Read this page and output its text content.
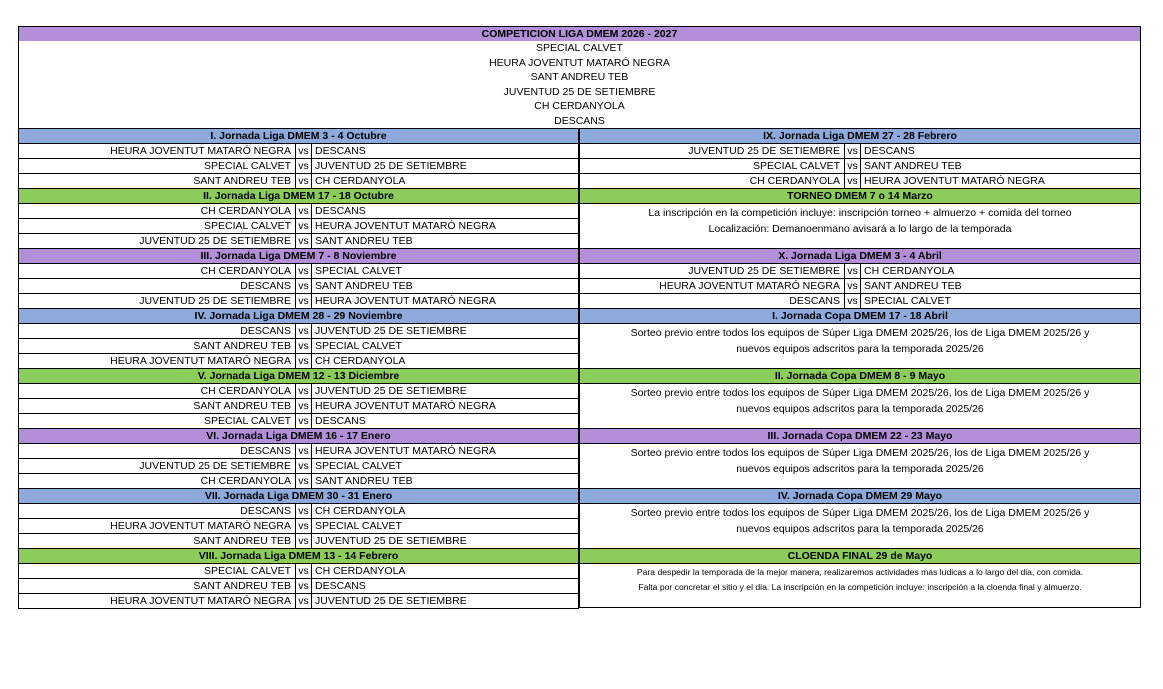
COMPETICION LIGA DMEM 2026 - 2027
SPECIAL CALVET
HEURA JOVENTUT MATARÓ NEGRA
SANT ANDREU TEB
JUVENTUD 25 DE SETIEMBRE
CH CERDANYOLA
DESCANS
I. Jornada Liga DMEM 3 - 4 Octubre
HEURA JOVENTUT MATARÓ NEGRA vs DESCANS
SPECIAL CALVET vs JUVENTUD 25 DE SETIEMBRE
SANT ANDREU TEB vs CH CERDANYOLA
II. Jornada Liga DMEM 17 - 18 Octubre
CH CERDANYOLA vs DESCANS
SPECIAL CALVET vs HEURA JOVENTUT MATARÓ NEGRA
JUVENTUD 25 DE SETIEMBRE vs SANT ANDREU TEB
III. Jornada Liga DMEM 7 - 8 Noviembre
CH CERDANYOLA vs SPECIAL CALVET
DESCANS vs SANT ANDREU TEB
JUVENTUD 25 DE SETIEMBRE vs HEURA JOVENTUT MATARÓ NEGRA
IV. Jornada Liga DMEM 28 - 29 Noviembre
DESCANS vs JUVENTUD 25 DE SETIEMBRE
SANT ANDREU TEB vs SPECIAL CALVET
HEURA JOVENTUT MATARÓ NEGRA vs CH CERDANYOLA
V. Jornada Liga DMEM 12 - 13 Diciembre
CH CERDANYOLA vs JUVENTUD 25 DE SETIEMBRE
SANT ANDREU TEB vs HEURA JOVENTUT MATARÓ NEGRA
SPECIAL CALVET vs DESCANS
VI. Jornada Liga DMEM 16 - 17 Enero
DESCANS vs HEURA JOVENTUT MATARÓ NEGRA
JUVENTUD 25 DE SETIEMBRE vs SPECIAL CALVET
CH CERDANYOLA vs SANT ANDREU TEB
VII. Jornada Liga DMEM 30 - 31 Enero
DESCANS vs CH CERDANYOLA
HEURA JOVENTUT MATARÓ NEGRA vs SPECIAL CALVET
SANT ANDREU TEB vs JUVENTUD 25 DE SETIEMBRE
VIII. Jornada Liga DMEM 13 - 14 Febrero
SPECIAL CALVET vs CH CERDANYOLA
SANT ANDREU TEB vs DESCANS
HEURA JOVENTUT MATARÓ NEGRA vs JUVENTUD 25 DE SETIEMBRE
IX. Jornada Liga DMEM 27 - 28 Febrero
JUVENTUD 25 DE SETIEMBRE vs DESCANS
SPECIAL CALVET vs SANT ANDREU TEB
CH CERDANYOLA vs HEURA JOVENTUT MATARÓ NEGRA
TORNEO DMEM 7 o 14 Marzo
La inscripción en la competición incluye: inscripción torneo + almuerzo + comida del torneo
Localización: Demanoenmano avisará a lo largo de la temporada
X. Jornada Liga DMEM 3 - 4 Abril
JUVENTUD 25 DE SETIEMBRE vs CH CERDANYOLA
HEURA JOVENTUT MATARÓ NEGRA vs SANT ANDREU TEB
DESCANS vs SPECIAL CALVET
I. Jornada Copa DMEM 17 - 18 Abril
Sorteo previo entre todos los equipos de Súper Liga DMEM 2025/26, los de Liga DMEM 2025/26 y
nuevos equipos adscritos para la temporada 2025/26
II. Jornada Copa DMEM 8 - 9 Mayo
Sorteo previo entre todos los equipos de Súper Liga DMEM 2025/26, los de Liga DMEM 2025/26 y
nuevos equipos adscritos para la temporada 2025/26
III. Jornada Copa DMEM 22 - 23 Mayo
Sorteo previo entre todos los equipos de Súper Liga DMEM 2025/26, los de Liga DMEM 2025/26 y
nuevos equipos adscritos para la temporada 2025/26
IV. Jornada Copa DMEM 29 Mayo
Sorteo previo entre todos los equipos de Súper Liga DMEM 2025/26, los de Liga DMEM 2025/26 y
nuevos equipos adscritos para la temporada 2025/26
CLOENDA FINAL 29 de Mayo
Para despedir la temporada de la mejor manera, realizaremos actividades mas ludicas a lo largo del dia, con comida.
Falta por concretar el sitio y el dia. La inscripción en la competición incluye: inscripción a la cloenda final y almuerzo.
